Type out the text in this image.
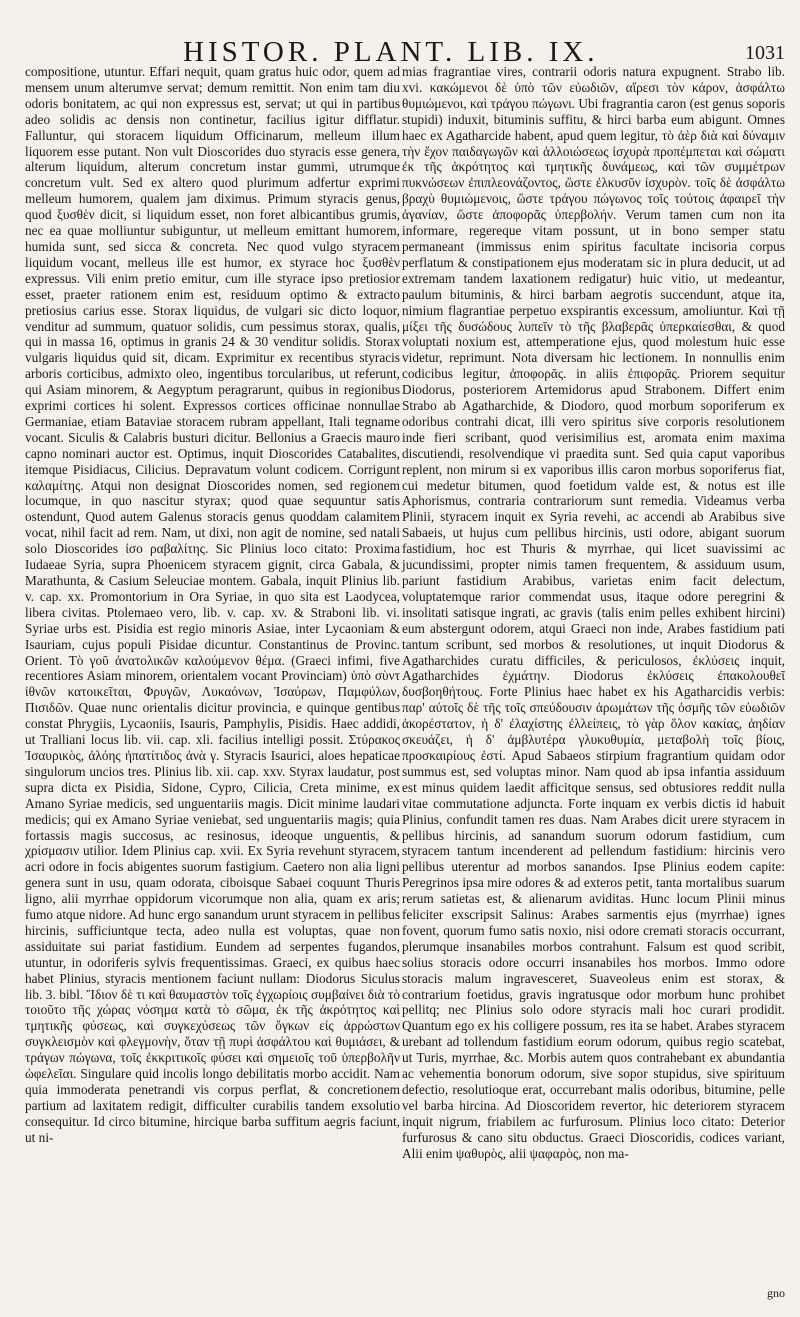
HISTOR. PLANT. LIB. IX.	1031

compositione, utuntur. Effari nequit, quam gratus huic odor, quem ad mensem unum alterumve servat; demum remittit. Non enim tam diu odoris bonitatem, ac qui non expressus est, servat; ut qui in partibus adeo solidis ac densis non continetur, facilius igitur difflatur. Falluntur, qui storacem liquidum Officinarum, melleum illum liquorem esse putant. Non vult Dioscorides duo styracis esse genera, alterum liquidum, alterum concretum instar gummi, utrumque concretum vult. Sed ex altero quod plurimum adfertur exprimi melleum humorem, qualem jam diximus. Primum styracis genus, quod ξυσθὲν dicit, si liquidum esset, non foret albicantibus grumis, nec ea quae molliuntur subiguntur, ut melleum emittant humorem, humida sunt, sed sicca & concreta. Nec quod vulgo styracem liquidum vocant, melleus ille est humor, ex styrace hoc ξυσθὲν expressus. Vili enim pretio emitur, cum ille styrace ipso pretiosior esset, praeter rationem enim est, residuum optimo & extracto pretiosius carius esse. Storax liquidus, de vulgari sic dicto loquor, venditur ad summum, quatuor solidis, cum pessimus storax, qualis, qui in massa 16, optimus in granis 24 & 30 venditur solidis. Storax vulgaris liquidus quid sit, dicam. Exprimitur ex recentibus styracis arboris corticibus, admixto oleo, ingentibus torcularibus, ut referunt, qui Asiam minorem, & Aegyptum peragrarunt, quibus in regionibus exprimi cortices hi solent. Expressos cortices officinae nonnullae Germaniae, etiam Bataviae storacem rubram appellant, Itali tegname vocant. Siculis & Calabris busturi dicitur. Bellonius a Graecis mauro capno nominari auctor est. Optimus, inquit Dioscorides Catabalites, itemque Pisidiacus, Cilicius. Depravatum volunt codicem. Corrigunt καλαμίτης. Atqui non designat Dioscorides nomen, sed regionem locumque, in quo nascitur styrax; quod quae sequuntur satis ostendunt, Quod autem Galenus storacis genus quoddam calamitem vocat, nihil facit ad rem. Nam, ut dixi, non agit de nomine, sed natali solo Dioscorides ἰσο ραβαλίτης. Sic Plinius loco citato: Proxima Iudaeae Syria, supra Phoenicem styracem gignit, circa Gabala, & Marathunta, & Casium Seleuciae montem. Gabala, inquit Plinius lib. v. cap. xx. Promontorium in Ora Syriae, in quo sita est Laodycea, libera civitas. Ptolemaeo vero, lib. v. cap. xv. & Straboni lib. vi. Syriae urbs est. Pisidia est regio minoris Asiae, inter Lycaoniam & Isauriam, cujus populi Pisidae dicuntur. Constantinus de Provinc. Orient. Τὸ γοῦ ἀνατολικῶν καλούμενον θέμα. (Graeci infimi, five recentiores Asiam minorem, orientalem vocant Provinciam) ὑπὸ σὺντ ἰθνῶν κατοικεῖται, Φρυγῶν, Λυκαόνων, Ἰσαύρων, Παμφύλων, Πισιδῶν. Quae nunc orientalis dicitur provincia, e quinque gentibus constat Phrygiis, Lycaoniis, Isauris, Pamphylis, Pisidis. Haec addidi, ut Tralliani locus lib. vii. cap. xli. facilius intelligi possit. Στύρακος Ἰσαυρικὸς, ἀλόης ἠπατίτιδος ἀνὰ γ. Styracis Isaurici, aloes hepaticae singulorum uncios tres. Plinius lib. xii. cap. xxv. Styrax laudatur, post supra dicta ex Pisidia, Sidone, Cypro, Cilicia, Creta minime, ex Amano Syriae medicis, sed unguentariis magis. Dicit minime laudari medicis; qui ex Amano Syriae veniebat, sed unguentariis magis; quia fortassis magis succosus, ac resinosus, ideoque unguentis, & χρίσμασιν utilior. Idem Plinius cap. xvii. Ex Syria revehunt styracem, acri odore in focis abigentes suorum fastigium. Caetero non alia ligni genera sunt in usu, quam odorata, ciboisque Sabaei coquunt Thuris ligno, alii myrrhae oppidorum vicorumque non alia, quam ex aris; fumo atque nidore. Ad hunc ergo sanandum urunt styracem in pellibus hircinis, sufficiuntque tecta, adeo nulla est voluptas, quae non assiduitate sui pariat fastidium. Eundem ad serpentes fugandos, utuntur, in odoriferis sylvis frequentissimas. Graeci, ex quibus haec habet Plinius, styracis mentionem faciunt nullam: Diodorus Siculus lib. 3. bibl. Ἴδιον δὲ τι καὶ θαυμαστὸν τοῖς ἐγχωρίοις συμβαίνει διὰ τὸ τοιοῦτο τῆς χώρας νόσημα κατὰ τὸ σῶμα, ἐκ τῆς ἀκρότητος καὶ τμητικῆς φύσεως, καὶ συγκεχύσεως τῶν ὄγκων εἰς ἀρρώστων συγκλεισμὸν καὶ φλεγμονὴν, ὅταν τῇ πυρὶ ἀσφάλτου καὶ θυμιάσει, & τράγων πώγωνα, τοῖς ἐκκριτικοῖς φύσει καὶ σημειοῖς τοῦ ὑπερβολῆν ὠφελεῖαι. Singulare quid incolis longo debilitatis morbo accidit. Nam quia immoderata penetrandi vis corpus perflat, & concretionem partium ad laxitatem redigit, difficulter curabilis tandem exsolutio consequitur. Id circo bitumine, hircique barba suffitum aegris faciunt, ut ni-

mias fragrantiae vires, contrarii odoris natura expugnent. Strabo lib. xvi. κακώμενοι δὲ ὑπὸ τῶν εὐωδιῶν, αἴρεσι τὸν κάρον, ἀσφάλτω θυμιώμενοι, καὶ τράγου πώγωνι. Ubi fragrantia caron (est genus soporis stupidi) induxit, bituminis suffitu, & hirci barba eum abigunt. Omnes haec ex Agatharcide habent, apud quem legitur, τὸ ἀὲρ διὰ καὶ δύναμιν τὴν ἔχον παιδαγωγῶν καὶ ἀλλοιώσεως ἰσχυρὰ προπέμπεται καὶ σώματι ἐκ τῆς ἀκρότητος καὶ τμητικῆς δυνάμεως, καὶ τῶν συμμέτρων πυκνώσεων ἐπιπλεονάζοντος, ὥστε ἐλκυσῦν ἰσχυρὸν. τοῖς δὲ ἀσφάλτω βραχὺ θυμιώμενοις, ὥστε τράγου πώγωνος τοῖς τούτοις ἀφαιρεῖ τὴν ἀγανίαν, ὥστε ἀποφορᾶς ὑπερβολήν. Verum tamen cum non ita informare, regereque vitam possunt, ut in bono semper statu permaneant (immissus enim spiritus facultate incisoria corpus perflatum & constipationem ejus moderatam sic in plura deducit, ut ad extremam tandem laxationem redigatur) huic vitio, ut medeantur, paulum bituminis, & hirci barbam aegrotis succendunt, atque ita, nimium flagrantiae perpetuo exspirantis excessum, amoliuntur. Καὶ τῇ μίξει τῆς δυσώδους λυπεῖν τὸ τῆς βλαβερᾶς ὑπερκαίεσθαι, & quod voluptati noxium est, attemperatione ejus, quod molestum huic esse videtur, reprimunt. Nota diversam hic lectionem. In nonnullis enim codicibus legitur, ἀποφορᾶς. in aliis ἐπιφορᾶς. Priorem sequitur Diodorus, posteriorem Artemidorus apud Strabonem. Differt enim Strabo ab Agatharchide, & Diodoro, quod morbum soporiferum ex odoribus contrahi dicat, illi vero spiritus sive corporis resolutionem inde fieri scribant, quod verisimilius est, aromata enim maxima discutiendi, resolvendique vi praedita sunt. Sed quia caput vaporibus replent, non mirum si ex vaporibus illis caron morbus soporiferus fiat, cui medetur bitumen, quod foetidum valde est, & notus est ille Aphorismus, contraria contrariorum sunt remedia. Videamus verba Plinii, styracem inquit ex Syria revehi, ac accendi ab Arabibus sive Sabaeis, ut hujus cum pellibus hircinis, usti odore, abigant suorum fastidium, hoc est Thuris & myrrhae, qui licet suavissimi ac jucundissimi, propter nimis tamen frequentem, & assiduum usum, pariunt fastidium Arabibus, varietas enim facit delectum, voluptatemque rarior commendat usus, itaque odore peregrini & insolitati satisque ingrati, ac gravis (talis enim pelles exhibent hircini) eum abstergunt odorem, atqui Graeci non inde, Arabes fastidium pati tantum scribunt, sed morbos & resolutiones, ut inquit Diodorus & Agatharchides curatu difficiles, & periculosos, ἐκλύσεις inquit, Agatharchides ἐχμάτην. Diodorus ἐκλύσεις ἐπακολουθεῖ δυσβοηθήτους. Forte Plinius haec habet ex his Agatharcidis verbis: παρ' αὐτοῖς δὲ τῆς τοῖς σπεύδουσιν ἀρωμάτων τῆς ὀσμῆς τῶν εὐωδιῶν ἀκορέστατον, ἡ δ' ἐλαχίστης ἐλλείπεις, τὸ γὰρ ὅλον κακίας, ἀηδίαν σκευάζει, ἡ δ' ἀμβλυτέρα γλυκυθυμία, μεταβολὴ τοῖς βίοις, προσκαιρίους ἐστί. Apud Sabaeos stirpium fragrantium quidam odor summus est, sed voluptas minor. Nam quod ab ipsa infantia assiduum est minus quidem laedit afficitque sensus, sed obtusiores reddit nulla vitae commutatione adjuncta. Forte inquam ex verbis dictis id habuit Plinius, confundit tamen res duas. Nam Arabes dicit urere styracem in pellibus hircinis, ad sanandum suorum odorum fastidium, cum styracem tantum incenderent ad pellendum fastidium: hircinis vero pellibus uterentur ad morbos sanandos. Ipse Plinius eodem capite: Peregrinos ipsa mire odores & ad exteros petit, tanta mortalibus suarum rerum satietas est, & alienarum aviditas. Hunc locum Plinii minus feliciter exscripsit Salinus: Arabes sarmentis ejus (myrrhae) ignes fovent, quorum fumo satis noxio, nisi odore cremati storacis occurrant, plerumque insanabiles morbos contrahunt. Falsum est quod scribit, solius storacis odore occurri insanabiles hos morbos. Immo odore storacis malum ingravesceret, Suaveoleus enim est storax, & contrarium foetidus, gravis ingratusque odor morbum hunc prohibet pellitq; nec Plinius solo odore styracis mali hoc curari prodidit. Quantum ego ex his colligere possum, res ita se habet. Arabes styracem urebant ad tollendum fastidium eorum odorum, quibus regio scatebat, ut Turis, myrrhae, &c. Morbis autem quos contrahebant ex abundantia ac vehementia bonorum odorum, sive sopor stupidus, sive spirituum defectio, resolutioque erat, occurrebant malis odoribus, bitumine, pelle vel barba hircina. Ad Dioscoridem revertor, hic deteriorem styracem inquit nigrum, friabilem ac furfurosum. Plinius loco citato: Deterior furfurosus & cano situ obductus. Graeci Dioscoridis, codices variant, Alii enim ψαθυρὸς, alii ψαφαρὸς, non ma-

gno
